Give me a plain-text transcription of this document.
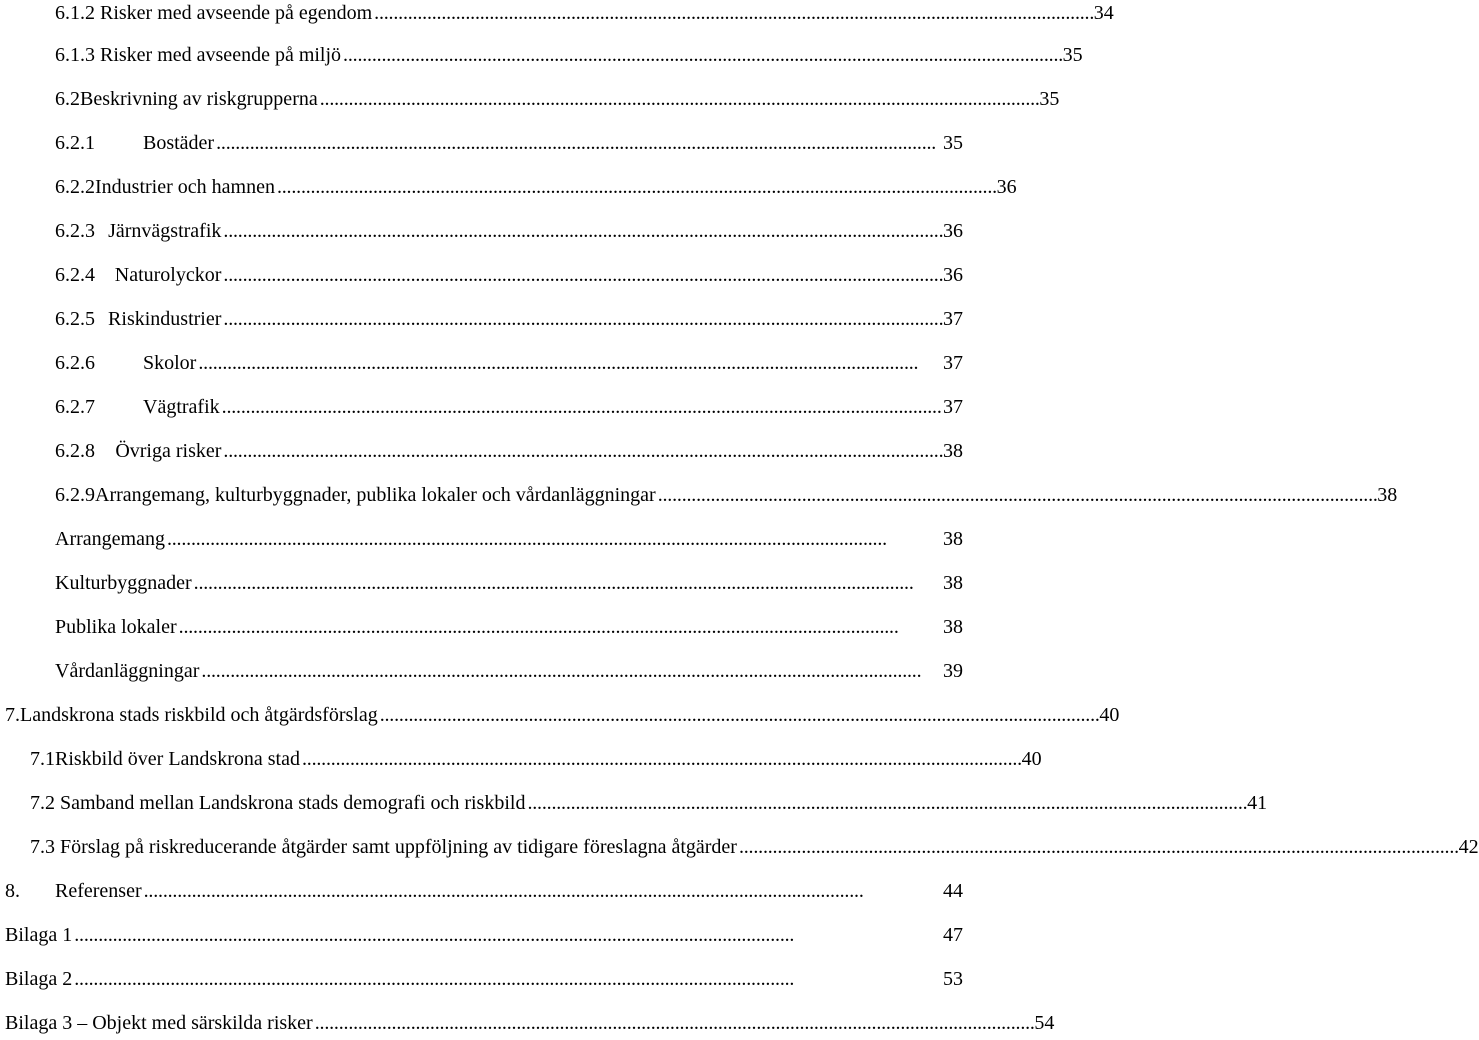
6.1.2
Risker med avseende på egendom . . .	34
6.1.3
Risker med avseende på miljö . . .	35
6.2 Beskrivning av riskgrupperna . . .	35
6.2.1	Bostäder . . .	35
6.2.2 Industrier och hamnen . . .	36
6.2.3 Järnvägstrafik . . .	36
6.2.4 Naturolyckor . . .	36
6.2.5 Riskindustrier . . .	37
6.2.6	Skolor . . .	37
6.2.7	Vägtrafik . . .	37
6.2.8	Övriga risker . . .	38
6.2.9 Arrangemang, kulturbyggnader, publika lokaler och vårdanläggningar . . .	38
Arrangemang . . .	38
Kulturbyggnader . . .	38
Publika lokaler . . .	38
Vårdanläggningar . . .	39
7. Landskrona stads riskbild och åtgärdsförslag . . .	40
7.1 Riskbild över Landskrona stad . . .	40
7.2
Samband mellan Landskrona stads demografi och riskbild . . .	41
7.3
Förslag på riskreducerande åtgärder samt uppföljning av tidigare föreslagna åtgärder . . .	42
8.	Referenser . . .	44
Bilaga 1 . . .	47
Bilaga 2 . . .	53
Bilaga 3 – Objekt med särskilda risker . . .	54
